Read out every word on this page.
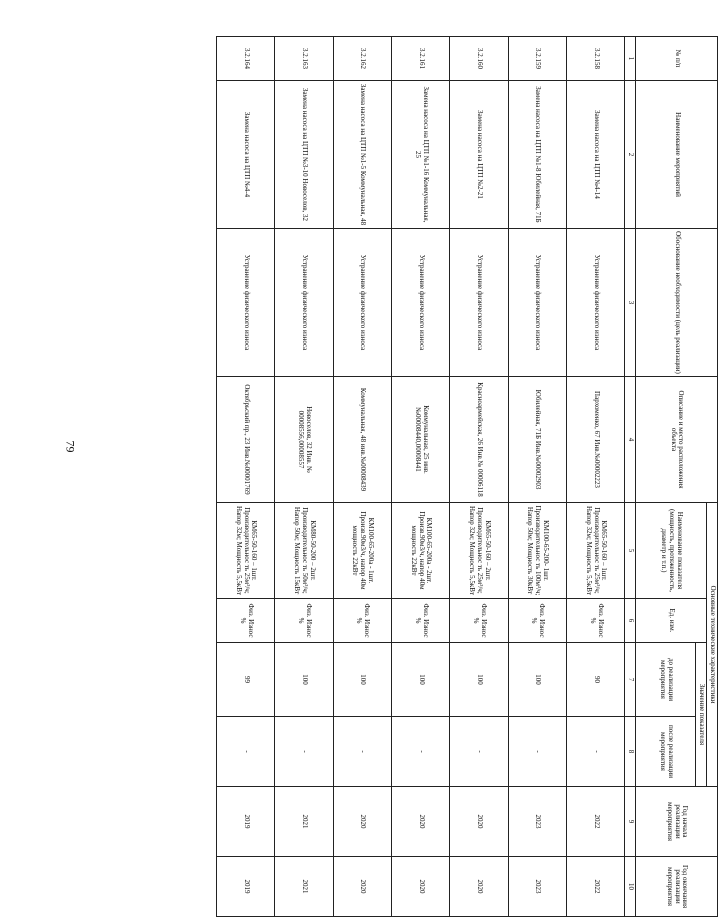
79
№ п/п	Наименование мероприятий	Обоснование необходимости (цель реализации)	Описание и место расположения объекта	Основные технические характеристики				Год начала реализации мероприятия	Год окончания реализации мероприятия
				Наименование показателя (мощность, протяженность, диаметр и т.п.)	Ед. изм.	Значение показателя			
						до реализации мероприятия	после реализации мероприятия		
1	2	3	4	5	6	7	8	9	10
3.2.158	Замена насоса на ЦТП №4-14	Устранение физического износа	Пархоменко, 67 Инв.№00002223	КМ65-50-160 – 1шт. Производительнос ть 25м³/ч; Напор 32м; Мощность 5,5кВт	Физ. Износ %	90	-	2022	2022
3.2.159	Замена насоса на ЦТП №1-8 Юбилейная, 71Б	Устранение физического износа	Юбилейная, 71Б Инв.№00002903	КМ100-65-200- 1шт. Производительнос ть 100м³/ч; Напор 50м; Мощность 30кВт	Физ. Износ %	100	-	2023	2023
3.2.160	Замена насоса на ЦТП №2-21	Устранение физического износа	Красноармейская, 26 Инв.№ 00006118	КМ65-50-160 – 2шт. Производительнос ть 25м³/ч; Напор 32м; Мощность 5,5кВт	Физ. Износ %	100	-	2020	2020
3.2.161	Замена насоса на ЦТП №1-16 Коммунальная, 25	Устранение физического износа	Коммунальная, 25 инв.№00008440,00008441	КМ100-65-200а - 2шт. Произв.90м3/ч, напор 40м мощность 22кВт	Физ. Износ %	100	-	2020	2020
3.2.162	Замена насоса на ЦТП №1-5 Коммунальная, 48	Устранение физического износа	Коммунальная, 48 инв.№00008439	КМ100-65-200а - 1шт. Произв.90м3/ч, напор 40м мощность 22кВт	Физ. Износ %	100	-	2020	2020
3.2.163	Замена насоса на ЦТП №3-10 Новоселов, 32	Устранение физического износа	Новоселов, 32 Инв. № 00008556,00008557	КМ80-50-200 – 2шт. Производительнос ть 50м³/ч; Напор 50м; Мощность 15кВт	Физ. Износ %	100	-	2021	2021
3.2.164	Замена насоса на ЦТП №4-4	Устранение физического износа	Октябрьский пр., 23 Инв.№00001769	КМ65-50-160 – 1шт. Производительнос ть 25м³/ч; Напор 32м; Мощность 5,5кВт	Физ. Износ %	99	-	2019	2019
